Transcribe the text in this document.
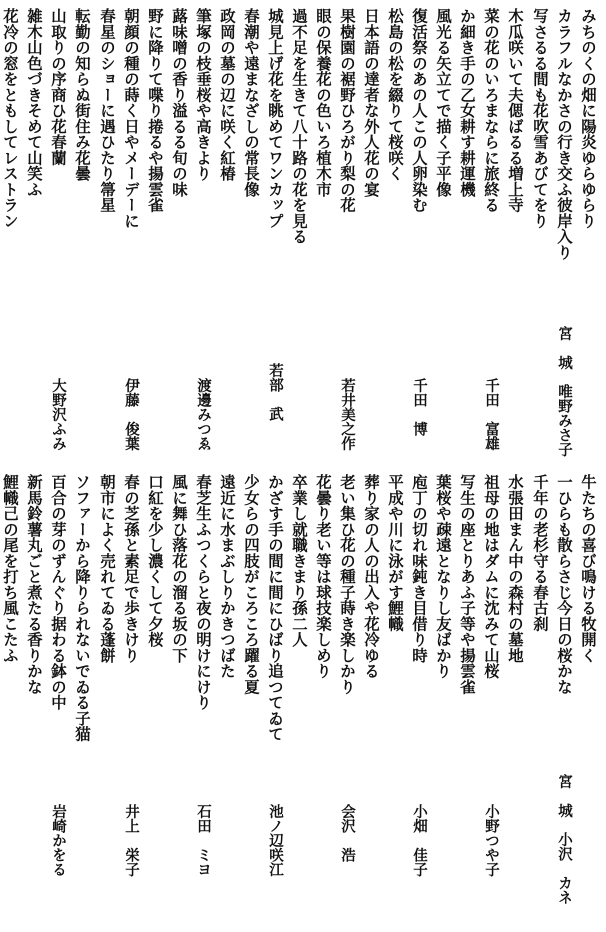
みちのくの畑に陽炎ゆらゆらり
カラフルなかさの行き交ふ彼岸入り
写さるる間も花吹雪あびてをり
宮　城　唯野みさ子
木瓜咲いて夫偲ばるる増上寺
菜の花のいろまならに旅終る
か細き手の乙女耕す耕運機
千田　富雄
風光る矢立てで描く子平像
復活祭のあの人この人卵染む
松島の松を綴りて桜咲く
千田　博
日本語の達者な外人花の宴
果樹園の裾野ひろがり梨の花
眼の保養花の色いろ植木市
若井美之作
過不足を生きて八十路の花を見る
城見上げ花を眺めてワンカップ
春潮や遠まなざしの常長像
若部　武
政岡の墓の辺に咲く紅椿
筆塚の枝垂桜や高きより
蕗味噌の香り溢るる旬の味
渡邊みつゑ
野に降りて喋り捲るや揚雲雀
朝顔の種の蒔く日やメーデーに
春星のショーに遇ひたり箒星
伊藤　俊葉
転勤の知らぬ街住み花曇
山取りの序商ひ花春蘭
雑木山色づきそめて山笑ふ
花冷の窓をともしてレストラン
大野沢ふみ
牛たちの喜び鳴ける牧開く
一ひらも散らさじ今日の桜かな
千年の老杉守る春古刹
宮　城　小沢　カネ
水張田まん中の森村の墓地
祖母の地はダムに沈みて山桜
写生の座とりあふ子等や揚雲雀
小野つや子
葉桜や疎遠となりし友ばかり
庖丁の切れ味鈍き目借り時
平成や川に泳がす鯉幟
小畑　佳子
葬り家の人の出入や花冷ゆる
老い集ひ花の種子蒔き楽しかり
花曇り老い等は球技楽しめり
会沢　浩
卒業し就職きまり孫二人
かざす手の間に間にひばり追つてゐて
少女らの四肢がころころ躍る夏
池ノ辺咲江
遠近に水まぶしりかきつばた
春芝生ふつくらと夜の明けにけり
風に舞ひ落花の溜る坂の下
石田　ミヨ
口紅を少し濃くして夕桜
春の芝孫と素足で歩きけり
朝市によく売れてゐる蓬餅
井上　栄子
ソファーから降りられないでゐる子猫
百合の芽のずんぐり据わる鉢の中
新馬鈴薯丸ごと煮たる香りかな
鯉幟己の尾を打ち風こたふ
岩崎かをる
